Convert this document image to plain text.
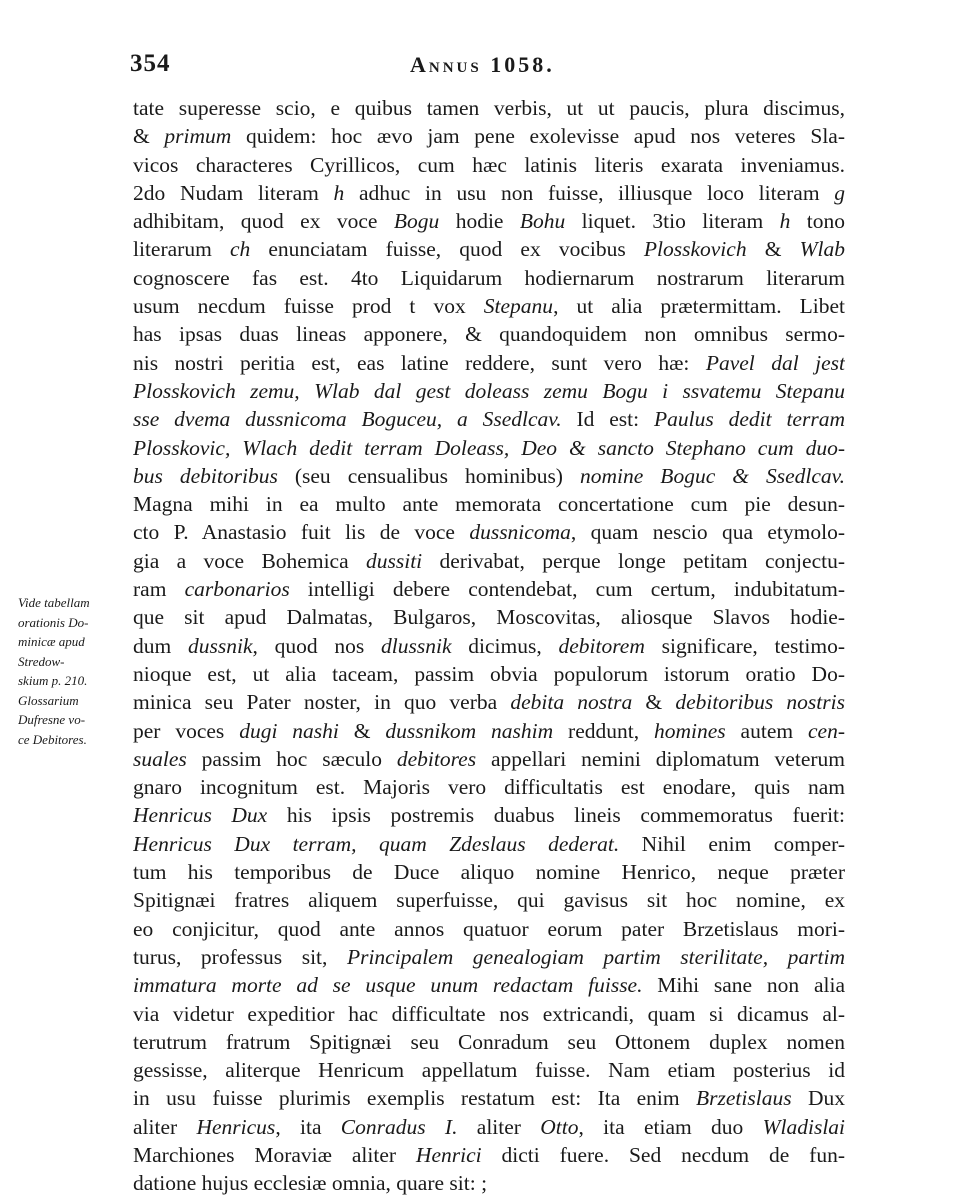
354	Annus 1058.
tate superesse scio, e quibus tamen verbis, ut ut paucis, plura discimus,
& primum quidem: hoc ævo jam pene exolevisse apud nos veteres Sla-
vicos characteres Cyrillicos, cum hæc latinis literis exarata inveniamus.
2do Nudam literam h adhuc in usu non fuisse, illiusque loco literam g
adhibitam, quod ex voce Bogu hodie Bohu liquet. 3tio literam h tono
literarum ch enunciatam fuisse, quod ex vocibus Plosskovich & Wlab
cognoscere fas est. 4to Liquidarum hodiernarum nostrarum literarum
usum necdum fuisse prod t vox Stepanu, ut alia prætermittam. Libet
has ipsas duas lineas apponere, & quandoquidem non omnibus sermo-
nis nostri peritia est, eas latine reddere, sunt vero hæ: Pavel dal jest
Plosskovich zemu, Wlab dal gest doleass zemu Bogu i ssvatemu Stepanu
sse dvema dussnicoma Boguceu, a Ssedlcav. Id est: Paulus dedit terram
Plosskovic, Wlach dedit terram Doleass, Deo & sancto Stephano cum duo-
bus debitoribus (seu censualibus hominibus) nomine Boguc & Ssedlcav.
Magna mihi in ea multo ante memorata concertatione cum pie desun-
cto P. Anastasio fuit lis de voce dussnicoma, quam nescio qua etymolo-
gia a voce Bohemica dussiti derivabat, perque longe petitam conjectu-
ram carbonarios intelligi debere contendebat, cum certum, indubitatum-
que sit apud Dalmatas, Bulgaros, Moscovitas, aliosque Slavos hodie-
dum dussnik, quod nos dlussnik dicimus, debitorem significare, testimo-
nioque est, ut alia taceam, passim obvia populorum istorum oratio Do-
minica seu Pater noster, in quo verba debita nostra & debitoribus nostris
per voces dugi nashi & dussnikom nashim reddunt, homines autem cen-
suales passim hoc sæculo debitores appellari nemini diplomatum veterum
gnaro incognitum est. Majoris vero difficultatis est enodare, quis nam
Henricus Dux his ipsis postremis duabus lineis commemoratus fuerit:
Henricus Dux terram, quam Zdeslaus dederat. Nihil enim comper-
tum his temporibus de Duce aliquo nomine Henrico, neque præter
Spitignæi fratres aliquem superfuisse, qui gavisus sit hoc nomine, ex
eo conjicitur, quod ante annos quatuor eorum pater Brzetislaus mori-
turus, professus sit, Principalem genealogiam partim sterilitate, partim
immatura morte ad se usque unum redactam fuisse. Mihi sane non alia
via videtur expeditior hac difficultate nos extricandi, quam si dicamus al-
terutrum fratrum Spitignæi seu Conradum seu Ottonem duplex nomen
gessisse, aliterque Henricum appellatum fuisse. Nam etiam posterius id
in usu fuisse plurimis exemplis restatum est: Ita enim Brzetislaus Dux
aliter Henricus, ita Conradus I. aliter Otto, ita etiam duo Wladislai
Marchiones Moraviæ aliter Henrici dicti fuere. Sed necdum de fun-
datione hujus ecclesiæ omnia, quare sit: ;
Vide tabellam
orationis Do-
minicæ apud
Stredow-
skium p. 210.
Glossarium
Dufresne vo-
ce Debitores.
